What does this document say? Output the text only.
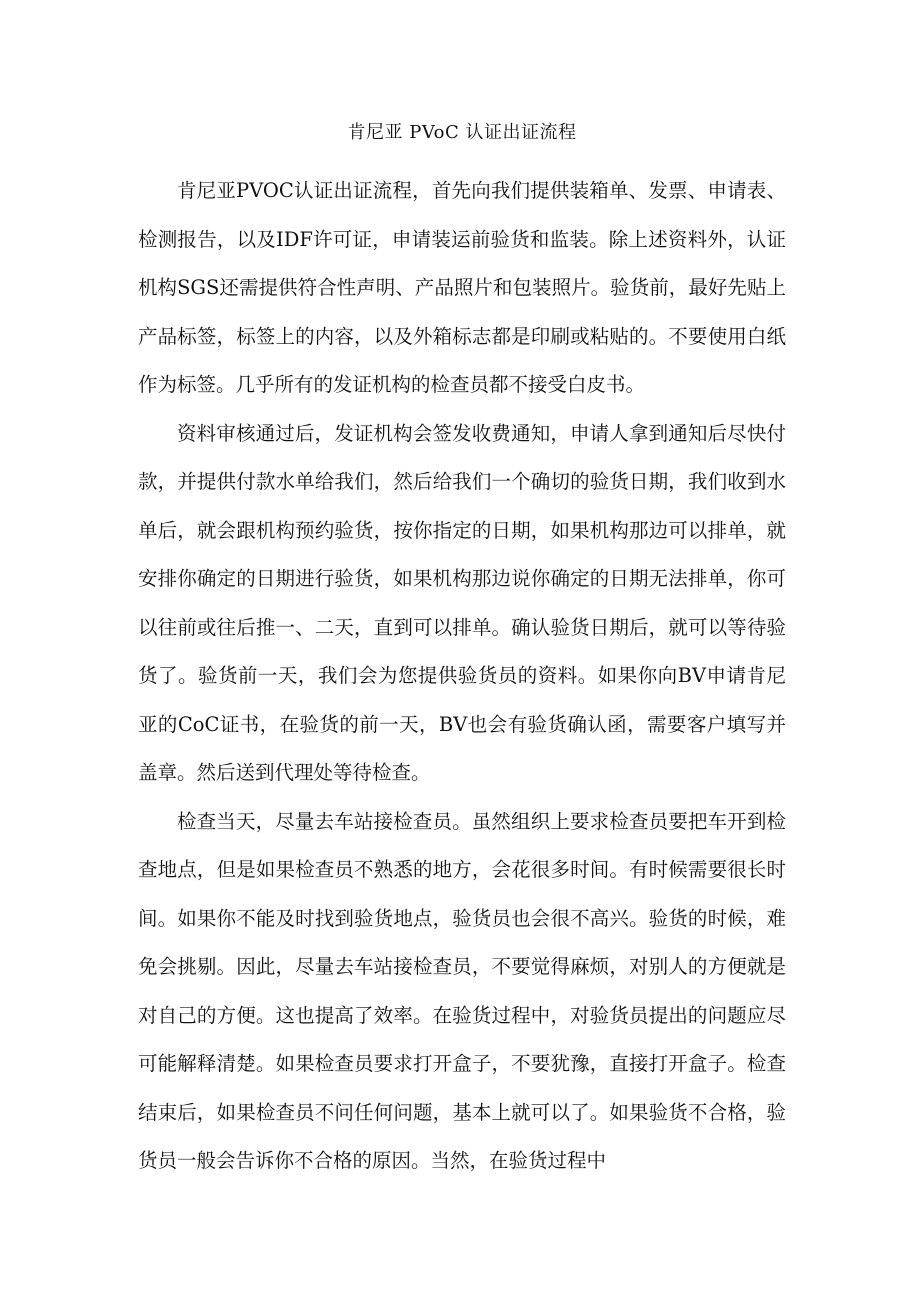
肯尼亚 PVoC 认证出证流程

肯尼亚PVOC认证出证流程，首先向我们提供装箱单、发票、申请表、检测报告，以及IDF许可证，申请装运前验货和监装。除上述资料外，认证机构SGS还需提供符合性声明、产品照片和包装照片。验货前，最好先贴上产品标签，标签上的内容，以及外箱标志都是印刷或粘贴的。不要使用白纸作为标签。几乎所有的发证机构的检查员都不接受白皮书。

资料审核通过后，发证机构会签发收费通知，申请人拿到通知后尽快付款，并提供付款水单给我们，然后给我们一个确切的验货日期，我们收到水单后，就会跟机构预约验货，按你指定的日期，如果机构那边可以排单，就安排你确定的日期进行验货，如果机构那边说你确定的日期无法排单，你可以往前或往后推一、二天，直到可以排单。确认验货日期后，就可以等待验货了。验货前一天，我们会为您提供验货员的资料。如果你向BV申请肯尼亚的CoC证书，在验货的前一天，BV也会有验货确认函，需要客户填写并盖章。然后送到代理处等待检查。

检查当天，尽量去车站接检查员。虽然组织上要求检查员要把车开到检查地点，但是如果检查员不熟悉的地方，会花很多时间。有时候需要很长时间。如果你不能及时找到验货地点，验货员也会很不高兴。验货的时候，难免会挑剔。因此，尽量去车站接检查员，不要觉得麻烦，对别人的方便就是对自己的方便。这也提高了效率。在验货过程中，对验货员提出的问题应尽可能解释清楚。如果检查员要求打开盒子，不要犹豫，直接打开盒子。检查结束后，如果检查员不问任何问题，基本上就可以了。如果验货不合格，验货员一般会告诉你不合格的原因。当然，在验货过程中
